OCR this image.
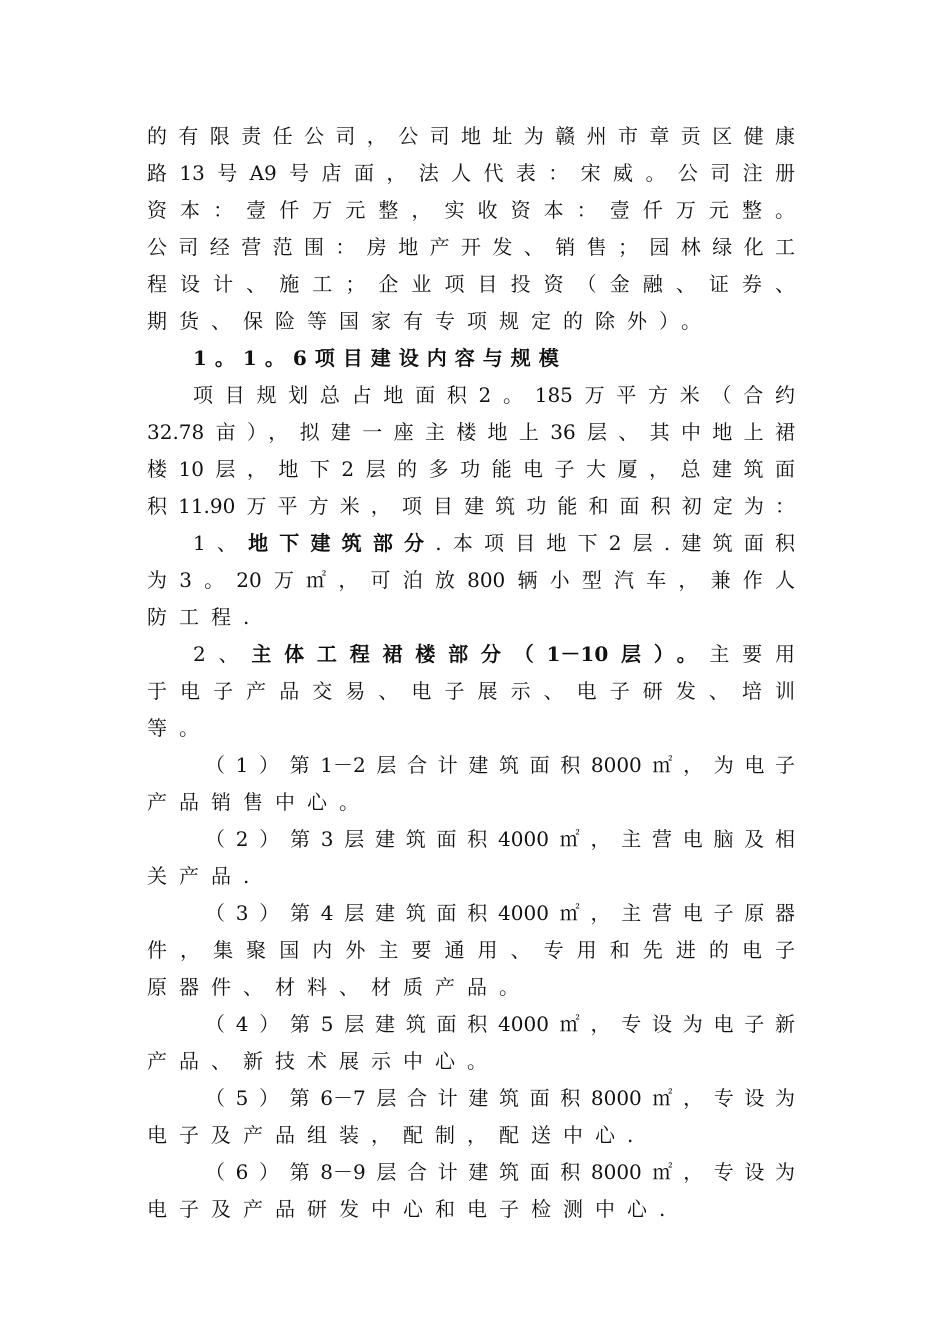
的有限责任公司，公司地址为赣州市章贡区健康
路13号A9号店面，法人代表：宋威。公司注册
资本：壹仟万元整，实收资本：壹仟万元整。
公司经营范围：房地产开发、销售；园林绿化工
程设计、施工；企业项目投资（金融、证券、
期货、保险等国家有专项规定的除外）。
1。1。6项目建设内容与规模
项目规划总占地面积2。185万平方米（合约
32.78亩），拟建一座主楼地上36层、其中地上裙
楼10层，地下2层的多功能电子大厦，总建筑面
积11.90万平方米，项目建筑功能和面积初定为：
1、地下建筑部分.本项目地下2层.建筑面积
为3。20万㎡，可泊放800辆小型汽车，兼作人
防工程.
2、主体工程裙楼部分（1－10层）。主要用
于电子产品交易、电子展示、电子研发、培训
等。
（1）第1－2层合计建筑面积8000㎡，为电子
产品销售中心。
（2）第3层建筑面积4000㎡，主营电脑及相
关产品.
（3）第4层建筑面积4000㎡，主营电子原器
件，集聚国内外主要通用、专用和先进的电子
原器件、材料、材质产品。
（4）第5层建筑面积4000㎡，专设为电子新
产品、新技术展示中心。
（5）第6－7层合计建筑面积8000㎡，专设为
电子及产品组装，配制，配送中心.
（6）第8－9层合计建筑面积8000㎡，专设为
电子及产品研发中心和电子检测中心.
